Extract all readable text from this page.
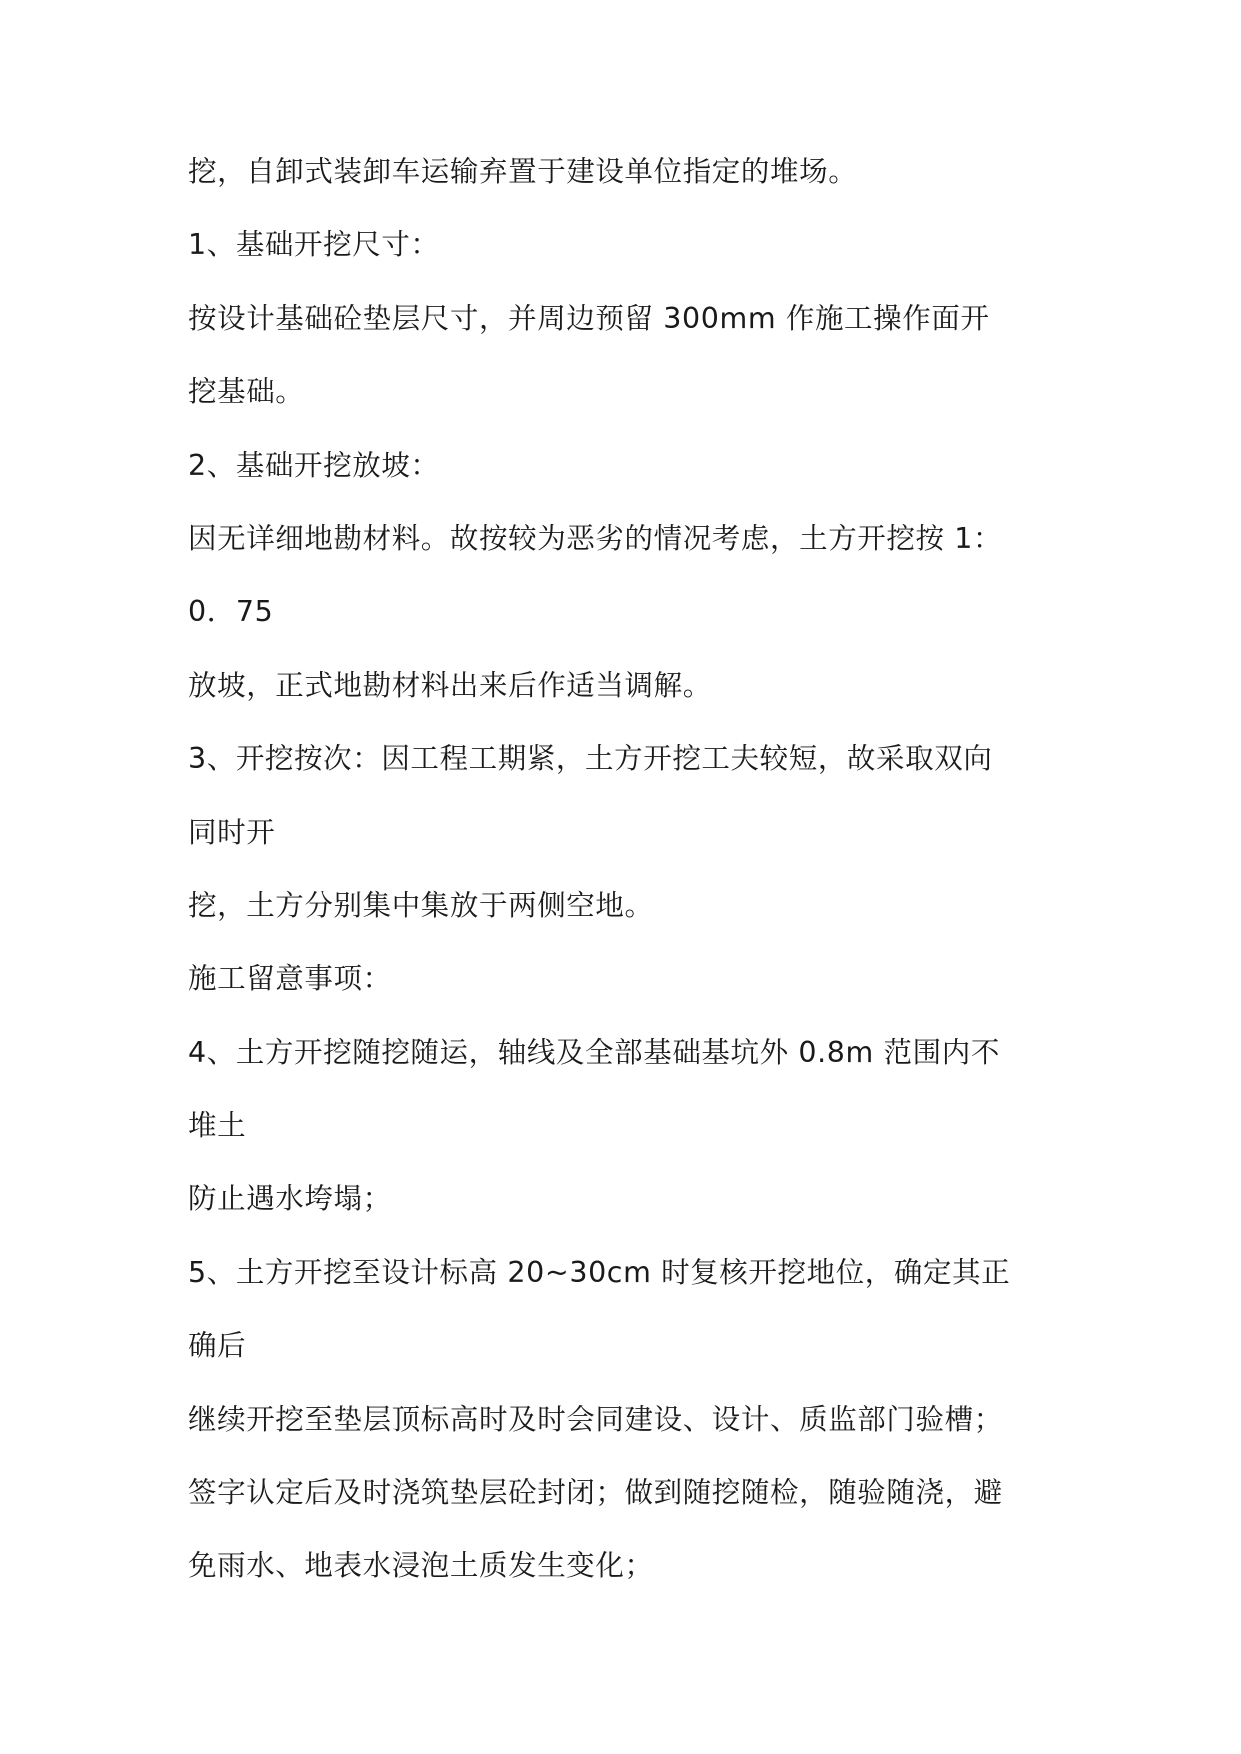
挖，自卸式装卸车运输弃置于建设单位指定的堆场。
1、基础开挖尺寸：
按设计基础砼垫层尺寸，并周边预留 300mm 作施工操作面开
挖基础。
2、基础开挖放坡：
因无详细地勘材料。故按较为恶劣的情况考虑，土方开挖按 1：
0．75
放坡，正式地勘材料出来后作适当调解。
3、开挖按次：因工程工期紧，土方开挖工夫较短，故采取双向
同时开
挖，土方分别集中集放于两侧空地。
施工留意事项：
4、土方开挖随挖随运，轴线及全部基础基坑外 0.8m 范围内不
堆土
防止遇水垮塌；
5、土方开挖至设计标高 20~30cm 时复核开挖地位，确定其正
确后
继续开挖至垫层顶标高时及时会同建设、设计、质监部门验槽；
签字认定后及时浇筑垫层砼封闭；做到随挖随检，随验随浇，避
免雨水、地表水浸泡土质发生变化；
